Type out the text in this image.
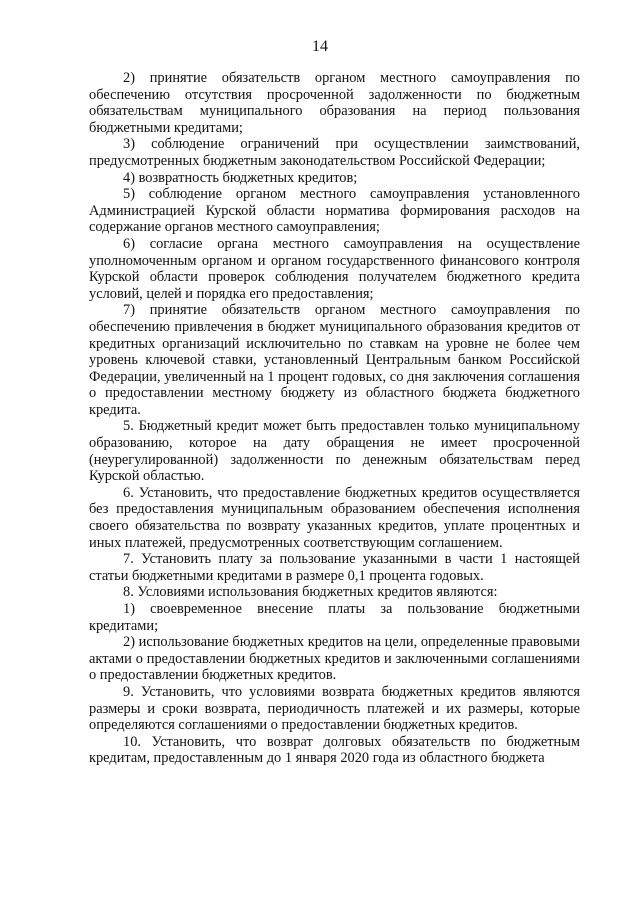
14

2) принятие обязательств органом местного самоуправления по обеспечению отсутствия просроченной задолженности по бюджетным обязательствам муниципального образования на период пользования бюджетными кредитами;

3) соблюдение ограничений при осуществлении заимствований, предусмотренных бюджетным законодательством Российской Федерации;

4) возвратность бюджетных кредитов;

5) соблюдение органом местного самоуправления установленного Администрацией Курской области норматива формирования расходов на содержание органов местного самоуправления;

6) согласие органа местного самоуправления на осуществление уполномоченным органом и органом государственного финансового контроля Курской области проверок соблюдения получателем бюджетного кредита условий, целей и порядка его предоставления;

7) принятие обязательств органом местного самоуправления по обеспечению привлечения в бюджет муниципального образования кредитов от кредитных организаций исключительно по ставкам на уровне не более чем уровень ключевой ставки, установленный Центральным банком Российской Федерации, увеличенный на 1 процент годовых, со дня заключения соглашения о предоставлении местному бюджету из областного бюджета бюджетного кредита.

5. Бюджетный кредит может быть предоставлен только муниципальному образованию, которое на дату обращения не имеет просроченной (неурегулированной) задолженности по денежным обязательствам перед Курской областью.

6. Установить, что предоставление бюджетных кредитов осуществляется без предоставления муниципальным образованием обеспечения исполнения своего обязательства по возврату указанных кредитов, уплате процентных и иных платежей, предусмотренных соответствующим соглашением.

7. Установить плату за пользование указанными в части 1 настоящей статьи бюджетными кредитами в размере 0,1 процента годовых.

8. Условиями использования бюджетных кредитов являются:

1) своевременное внесение платы за пользование бюджетными кредитами;

2) использование бюджетных кредитов на цели, определенные правовыми актами о предоставлении бюджетных кредитов и заключенными соглашениями о предоставлении бюджетных кредитов.

9. Установить, что условиями возврата бюджетных кредитов являются размеры и сроки возврата, периодичность платежей и их размеры, которые определяются соглашениями о предоставлении бюджетных кредитов.

10. Установить, что возврат долговых обязательств по бюджетным кредитам, предоставленным до 1 января 2020 года из областного бюджета
